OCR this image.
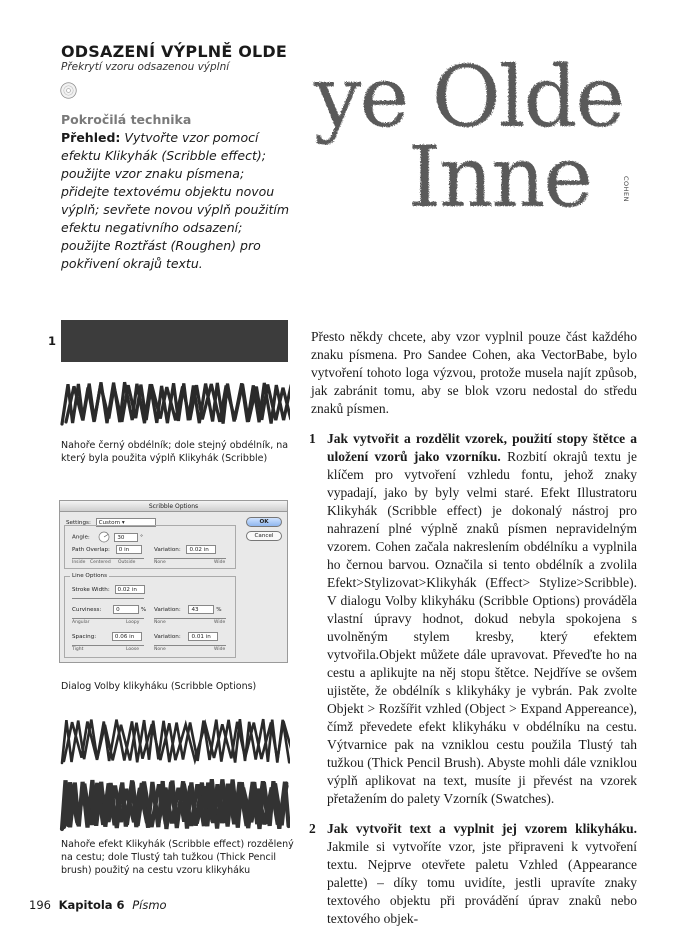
ODSAZENÍ VÝPLNĚ OLDE
Překrytí vzoru odsazenou výplní
Pokročilá technika
Přehled: Vytvořte vzor pomocí efektu Klikyhák (Scribble effect); použijte vzor znaku písmena; přidejte textovému objektu novou výplň; sevřete novou výplň použitím efektu negativního odsazení; použijte Roztřást (Roughen) pro pokřivení okrajů textu.
ye Olde
Inne	COHEN
1
Nahoře černý obdélník; dole stejný obdélník, na který byla použita výplň Klikyhák (Scribble)
Scribble Options
Settings: Custom ▾	OK
Cancel
Angle:	30	°
Path Overlap: 0 in	Variation: 0.02 in
Inside Centered Outside	None	Wide
Line Options
Stroke Width: 0.02 in
Curviness:	0	% Variation: 43	%
Angular	Loopy	None	Wide
Spacing:	0.06 in	Variation: 0.01 in
Tight	Loose	None	Wide
Dialog Volby klikyháku (Scribble Options)
Nahoře efekt Klikyhák (Scribble effect) rozdělený na cestu; dole Tlustý tah tužkou (Thick Pencil brush) použitý na cestu vzoru klikyháku

Přesto někdy chcete, aby vzor vyplnil pouze část každého znaku písmena. Pro Sandee Cohen, aka VectorBabe, bylo vytvoření tohoto loga výzvou, protože musela najít způsob, jak zabránit tomu, aby se blok vzoru nedostal do středu znaků písmen.

1 Jak vytvořit a rozdělit vzorek, použití stopy štětce a uložení vzorů jako vzorníku. Rozbití okrajů textu je klíčem pro vytvoření vzhledu fontu, jehož znaky vypadají, jako by byly velmi staré. Efekt Illustratoru Klikyhák (Scribble effect) je dokonalý nástroj pro nahrazení plné výplně znaků písmen nepravidelným vzorem. Cohen začala nakreslením obdélníku a vyplnila ho černou barvou. Označila si tento obdélník a zvolila Efekt>Stylizovat>Klikyhák (Effect> Stylize>Scribble). V dialogu Volby klikyháku (Scribble Options) prováděla vlastní úpravy hodnot, dokud nebyla spokojena s uvolněným stylem kresby, který efektem vytvořila.Objekt můžete dále upravovat. Převeďte ho na cestu a aplikujte na něj stopu štětce. Nejdříve se ovšem ujistěte, že obdélník s klikyháky je vybrán. Pak zvolte Objekt > Rozšířit vzhled (Object > Expand Appereance), čímž převedete efekt klikyháku v obdélníku na cestu. Výtvarnice pak na vzniklou cestu použila Tlustý tah tužkou (Thick Pencil Brush). Abyste mohli dále vzniklou výplň aplikovat na text, musíte ji převést na vzorek přetažením do palety Vzorník (Swatches).

2 Jak vytvořit text a vyplnit jej vzorem klikyháku. Jakmile si vytvoříte vzor, jste připraveni k vytvoření textu. Nejprve otevřete paletu Vzhled (Appearance palette) – díky tomu uvidíte, jestli upravíte znaky textového objektu při provádění úprav znaků nebo textového objek-

196 Kapitola 6 Písmo
